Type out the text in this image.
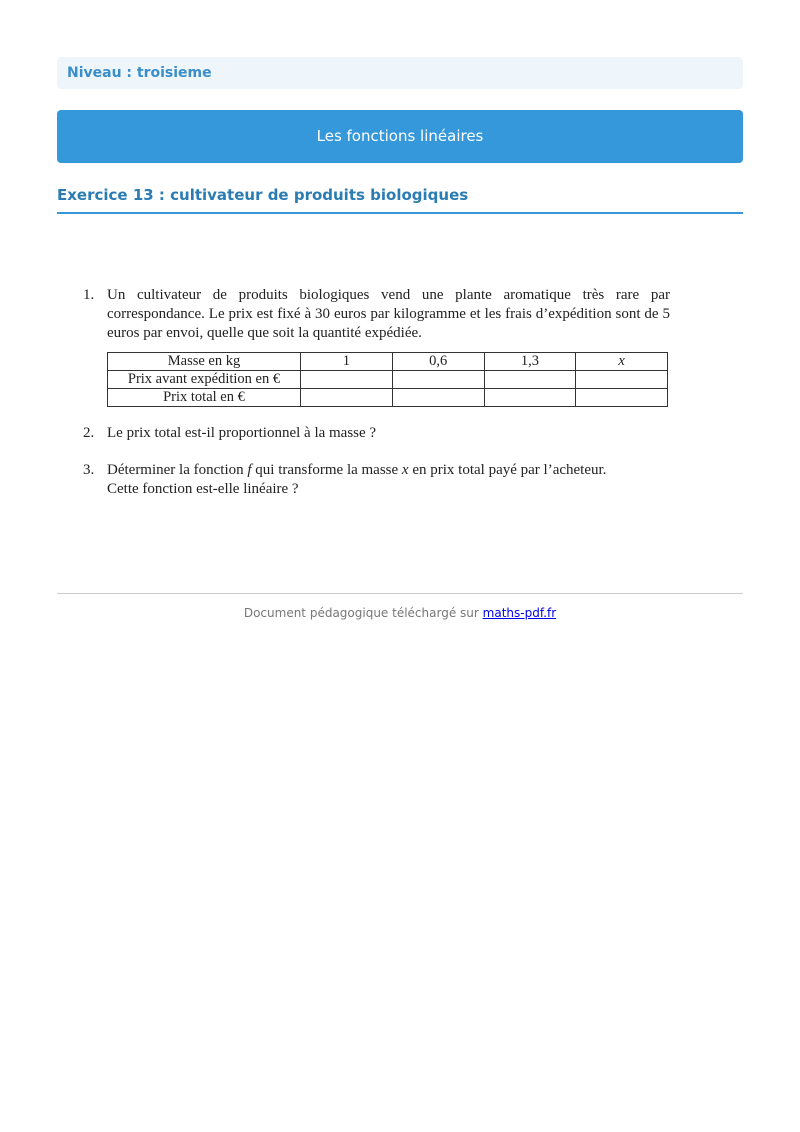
Niveau : troisieme
Les fonctions linéaires
Exercice 13 : cultivateur de produits biologiques
1. Un cultivateur de produits biologiques vend une plante aromatique très rare par correspondance. Le prix est fixé à 30 euros par kilogramme et les frais d’expédition sont de 5 euros par envoi, quelle que soit la quantité expédiée.
Masse en kg	1	0,6	1,3	x
Prix avant expédition en €				
Prix total en €				
2. Le prix total est-il proportionnel à la masse ?
3. Déterminer la fonction f qui transforme la masse x en prix total payé par l’acheteur.
Cette fonction est-elle linéaire ?
Document pédagogique téléchargé sur maths-pdf.fr
